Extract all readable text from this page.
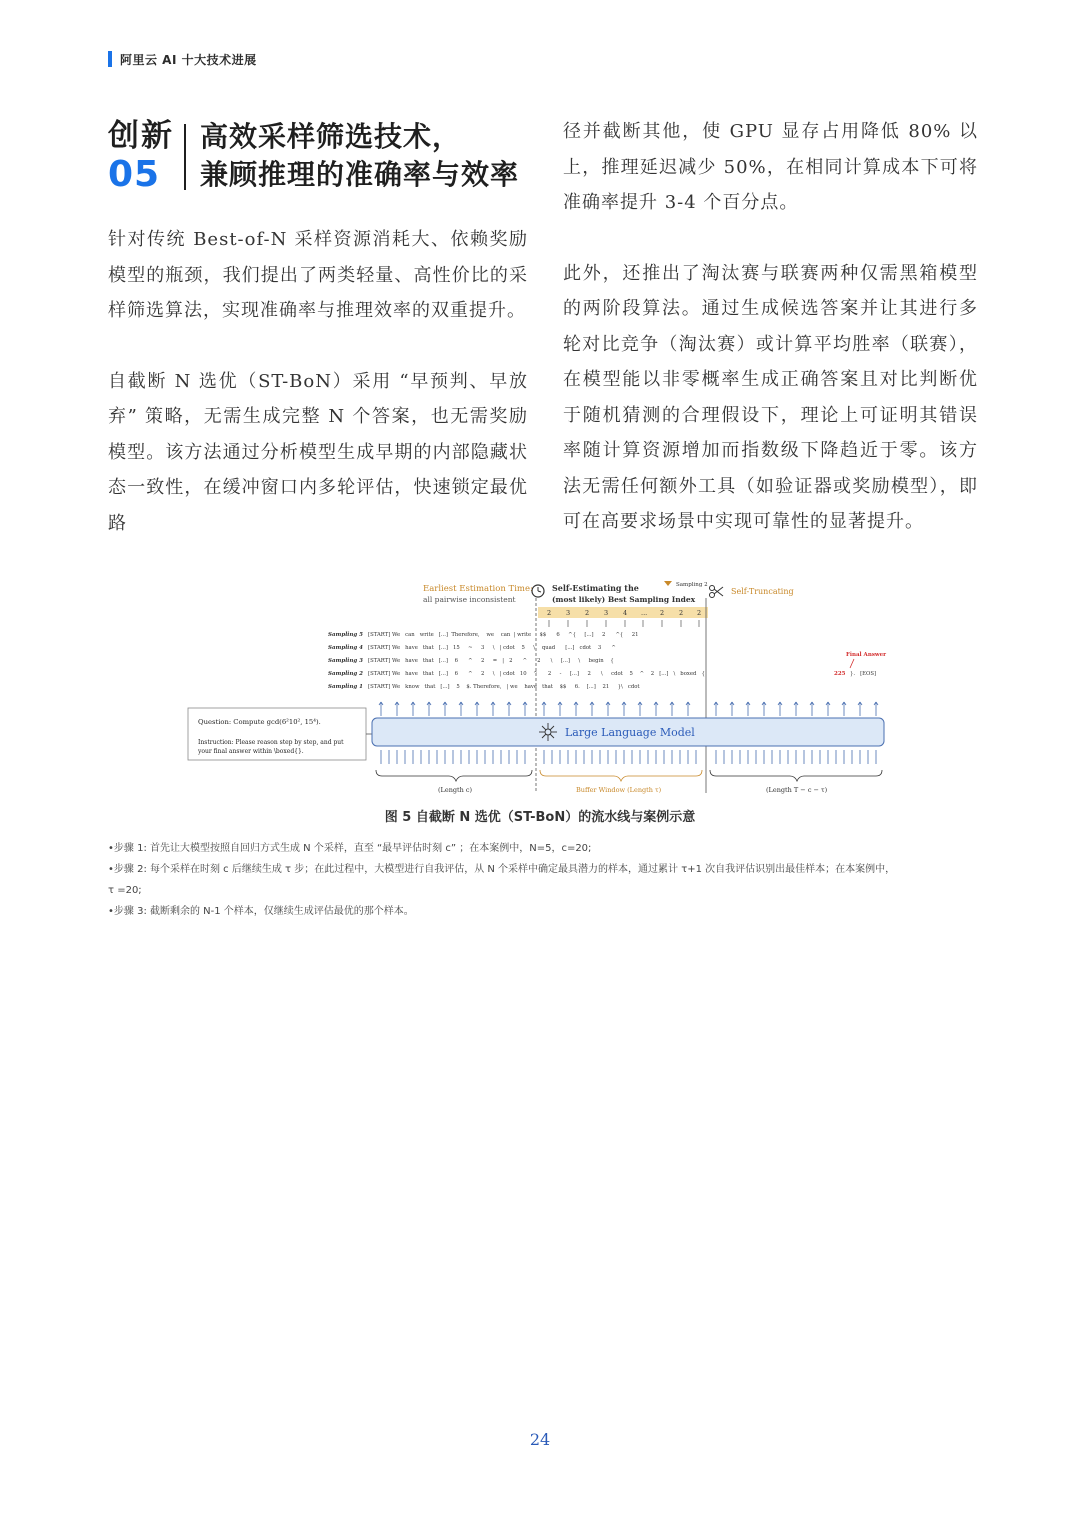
阿里云 AI 十大技术进展
创新
05
高效采样筛选技术，
兼顾推理的准确率与效率

针对传统 Best-of-N 采样资源消耗大、依赖奖励模型的瓶颈，我们提出了两类轻量、高性价比的采样筛选算法，实现准确率与推理效率的双重提升。

自截断 N 选优（ST-BoN）采用 “早预判、早放弃” 策略，无需生成完整 N 个答案，也无需奖励模型。该方法通过分析模型生成早期的内部隐藏状态一致性，在缓冲窗口内多轮评估，快速锁定最优路

径并截断其他，使 GPU 显存占用降低 80% 以上，推理延迟减少 50%，在相同计算成本下可将准确率提升 3-4 个百分点。

此外，还推出了淘汰赛与联赛两种仅需黑箱模型的两阶段算法。通过生成候选答案并让其进行多轮对比竞争（淘汰赛）或计算平均胜率（联赛），在模型能以非零概率生成正确答案且对比判断优于随机猜测的合理假设下，理论上可证明其错误率随计算资源增加而指数级下降趋近于零。该方法无需任何额外工具（如验证器或奖励模型），即可在高要求场景中实现可靠性的显著提升。

Earliest Estimation Time:
all pairwise inconsistent
Self-Estimating the
(most likely) Best Sampling Index
Sampling 2
Self-Truncating
2 3 2 3 4 ... 2 2 2
Sampling 5 [START] We   can   write   [...]  Therefore,    we    can  | write     $$      6     ^{     [...]     2      ^{     21
Sampling 4 [START] We   have   that   [...]   15     ~     3     \   | cdot    5     \    quad      [...]   cdot    3      ^
Sampling 3 [START] We   have   that   [...]    6      ^     2     =   |   2      ^      2      \     [...]     \     begin    {
Sampling 2 [START] We   have   that   [...]    6      ^     2     \   | cdot   10    ^      2     -     [...]     2      \     cdot    5    ^    2   [...]   \   boxed   {
Sampling 1 [START] We   know   that   [...]    5    $. Therefore,   | we    have   that    $$     6.    [...]    21     }\   cdot
Final Answer
225 }.   [EOS]
Question: Compute gcd(6²10², 15⁴).
Instruction: Please reason step by step, and put
your final answer within \boxed{}.
Large Language Model
(Length c)	Buffer Window (Length τ)	(Length T − c − τ)
图 5 自截断 N 选优（ST-BoN）的流水线与案例示意

•步骤 1: 首先让大模型按照自回归方式生成 N 个采样，直至 “最早评估时刻 c” ；在本案例中，N=5，c=20;

•步骤 2: 每个采样在时刻 c 后继续生成 τ 步；在此过程中，大模型进行自我评估，从 N 个采样中确定最具潜力的样本，通过累计 τ+1 次自我评估识别出最佳样本；在本案例中，

τ =20;

•步骤 3: 截断剩余的 N-1 个样本，仅继续生成评估最优的那个样本。

24
